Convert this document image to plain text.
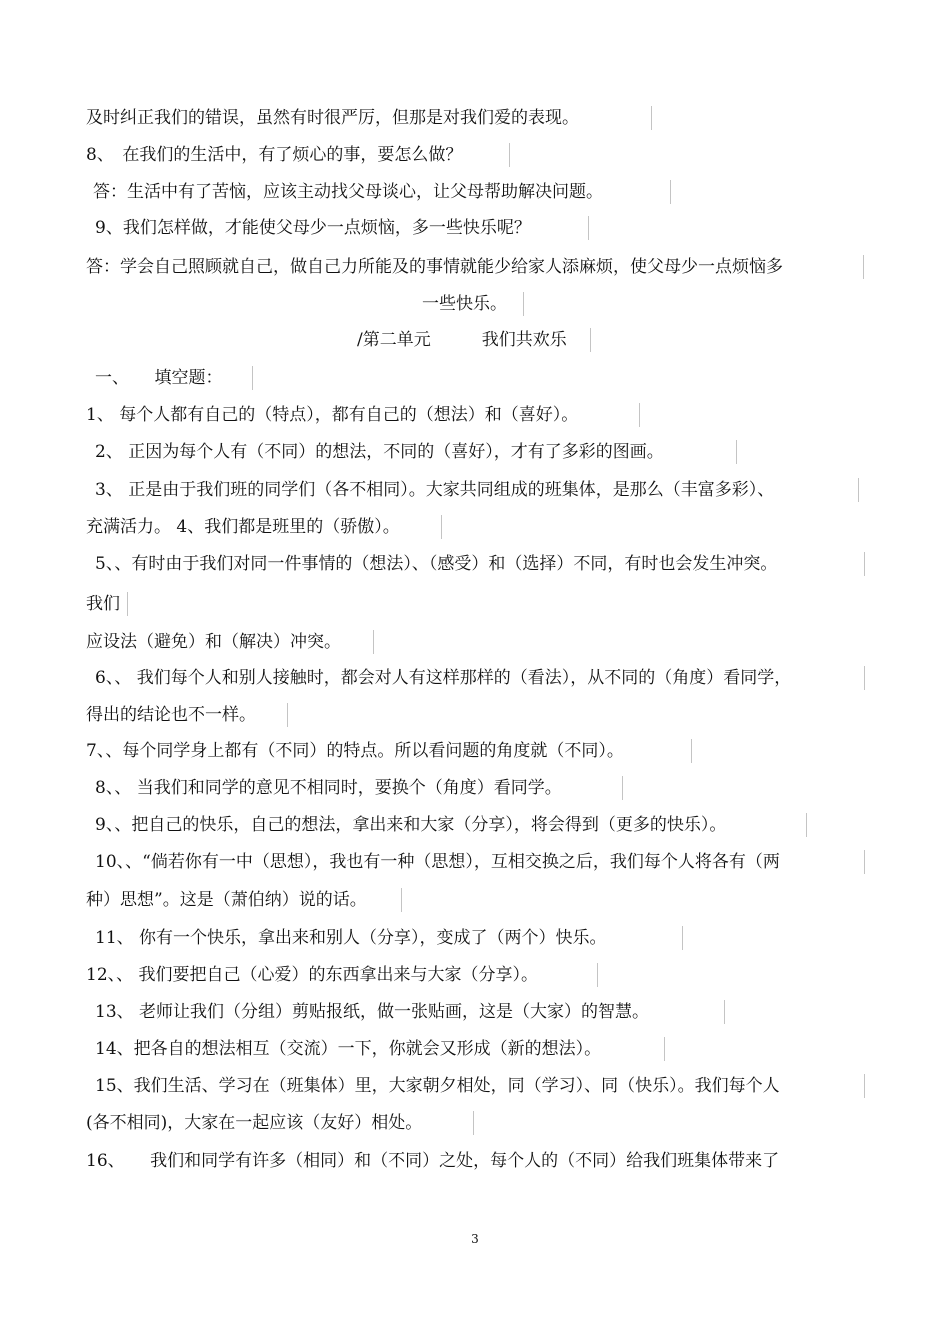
及时纠正我们的错误，虽然有时很严厉，但那是对我们爱的表现。
8、　在我们的生活中，有了烦心的事，要怎么做？
答：生活中有了苦恼，应该主动找父母谈心，让父母帮助解决问题。
9、我们怎样做，才能使父母少一点烦恼，多一些快乐呢？
答：学会自己照顾就自己，做自己力所能及的事情就能少给家人添麻烦，使父母少一点烦恼多
一些快乐。
/第二单元　　　我们共欢乐
一、　　填空题：
1、 每个人都有自己的（特点），都有自己的（想法）和（喜好）。
2、 正因为每个人有（不同）的想法，不同的（喜好），才有了多彩的图画。
3、 正是由于我们班的同学们（各不相同）。大家共同组成的班集体，是那么（丰富多彩）、
充满活力。 4、我们都是班里的（骄傲）。
5、、有时由于我们对同一件事情的（想法）、（感受）和（选择）不同，有时也会发生冲突。
我们
应设法（避免）和（解决）冲突。
6、、 我们每个人和别人接触时，都会对人有这样那样的（看法），从不同的（角度）看同学，
得出的结论也不一样。
7、、每个同学身上都有（不同）的特点。所以看问题的角度就（不同）。
8、、 当我们和同学的意见不相同时，要换个（角度）看同学。
9、、把自己的快乐，自己的想法，拿出来和大家（分享），将会得到（更多的快乐）。
10、、“倘若你有一中（思想），我也有一种（思想），互相交换之后，我们每个人将各有（两
种）思想”。这是（萧伯纳）说的话。
11、 你有一个快乐，拿出来和别人（分享），变成了（两个）快乐。
12、、 我们要把自己（心爱）的东西拿出来与大家（分享）。
13、 老师让我们（分组）剪贴报纸，做一张贴画，这是（大家）的智慧。
14、把各自的想法相互（交流）一下，你就会又形成（新的想法）。
15、我们生活、学习在（班集体）里，大家朝夕相处，同（学习）、同（快乐）。我们每个人
(各不相同)，大家在一起应该（友好）相处。
16、　　我们和同学有许多（相同）和（不同）之处，每个人的（不同）给我们班集体带来了
3
